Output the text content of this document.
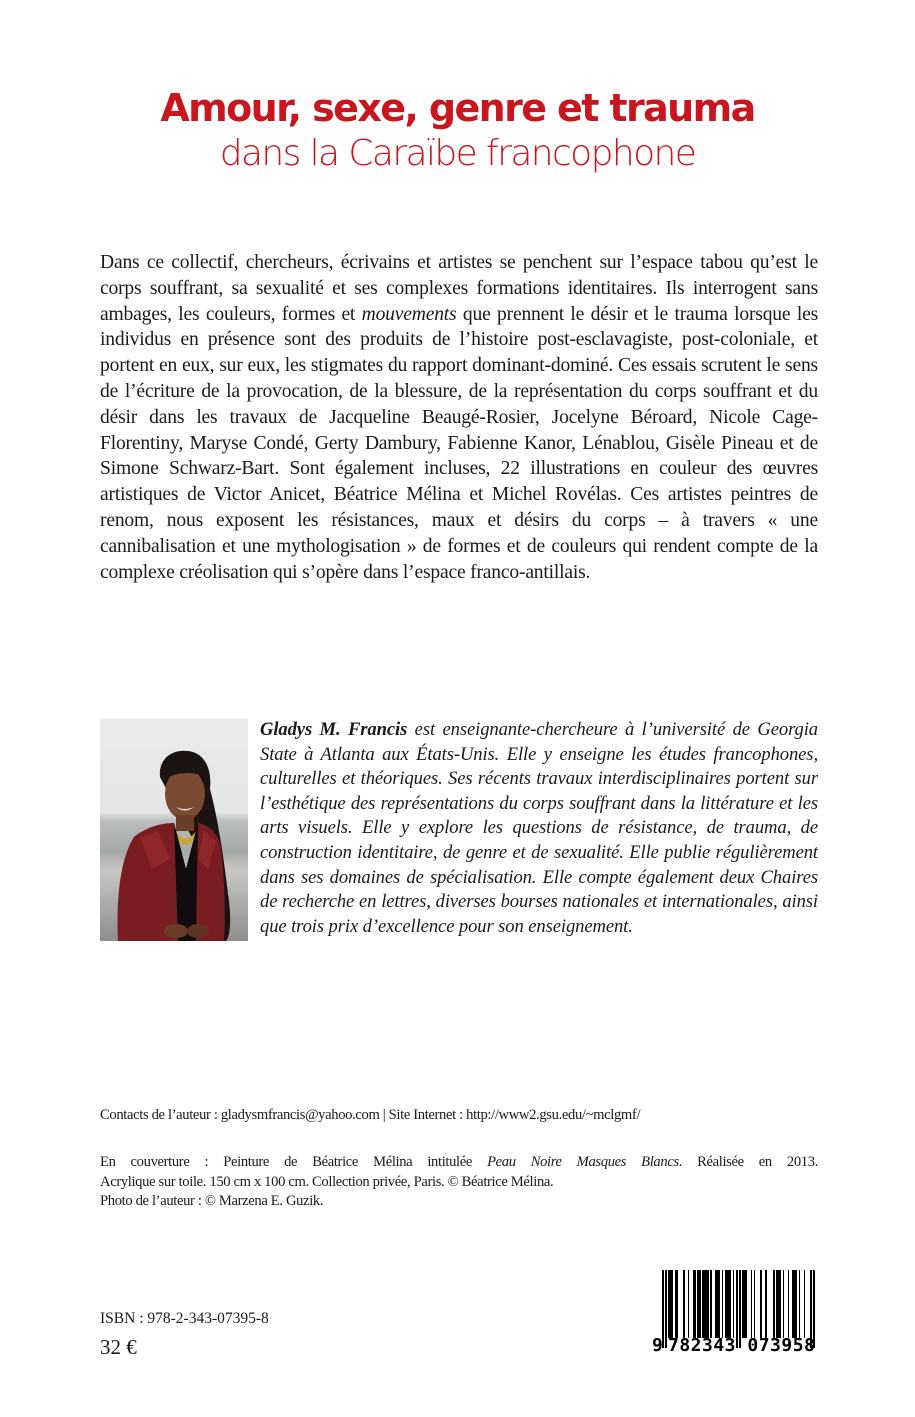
Amour, sexe, genre et trauma
dans la Caraïbe francophone

Dans ce collectif, chercheurs, écrivains et artistes se penchent sur l’espace tabou qu’est le corps souffrant, sa sexualité et ses complexes formations identitaires. Ils interrogent sans ambages, les couleurs, formes et mouvements que prennent le désir et le trauma lorsque les individus en présence sont des produits de l’histoire post-esclavagiste, post-coloniale, et portent en eux, sur eux, les stigmates du rapport dominant-dominé. Ces essais scrutent le sens de l’écriture de la provocation, de la blessure, de la représentation du corps souffrant et du désir dans les travaux de Jacqueline Beaugé-Rosier, Jocelyne Béroard, Nicole Cage-Florentiny, Maryse Condé, Gerty Dambury, Fabienne Kanor, Lénablou, Gisèle Pineau et de Simone Schwarz-Bart. Sont également incluses, 22 illustrations en couleur des œuvres artistiques de Victor Anicet, Béatrice Mélina et Michel Rovélas. Ces artistes peintres de renom, nous exposent les résistances, maux et désirs du corps – à travers « une cannibalisation et une mythologisation » de formes et de couleurs qui rendent compte de la complexe créolisation qui s’opère dans l’espace franco-antillais.

Gladys M. Francis est enseignante-chercheure à l’université de Georgia State à Atlanta aux États-Unis. Elle y enseigne les études francophones, culturelles et théoriques. Ses récents travaux interdisciplinaires portent sur l’esthétique des représentations du corps souffrant dans la littérature et les arts visuels. Elle y explore les questions de résistance, de trauma, de construction identitaire, de genre et de sexualité. Elle publie régulièrement dans ses domaines de spécialisation. Elle compte également deux Chaires de recherche en lettres, diverses bourses nationales et internationales, ainsi que trois prix d’excellence pour son enseignement.

Contacts de l’auteur : gladysmfrancis@yahoo.com | Site Internet : http://www2.gsu.edu/~mclgmf/

En couverture : Peinture de Béatrice Mélina intitulée Peau Noire Masques Blancs. Réalisée en 2013.
Acrylique sur toile. 150 cm x 100 cm. Collection privée, Paris. © Béatrice Mélina.
Photo de l’auteur : © Marzena E. Guzik.

ISBN : 978-2-343-07395-8
32 €	9 782343 073958
